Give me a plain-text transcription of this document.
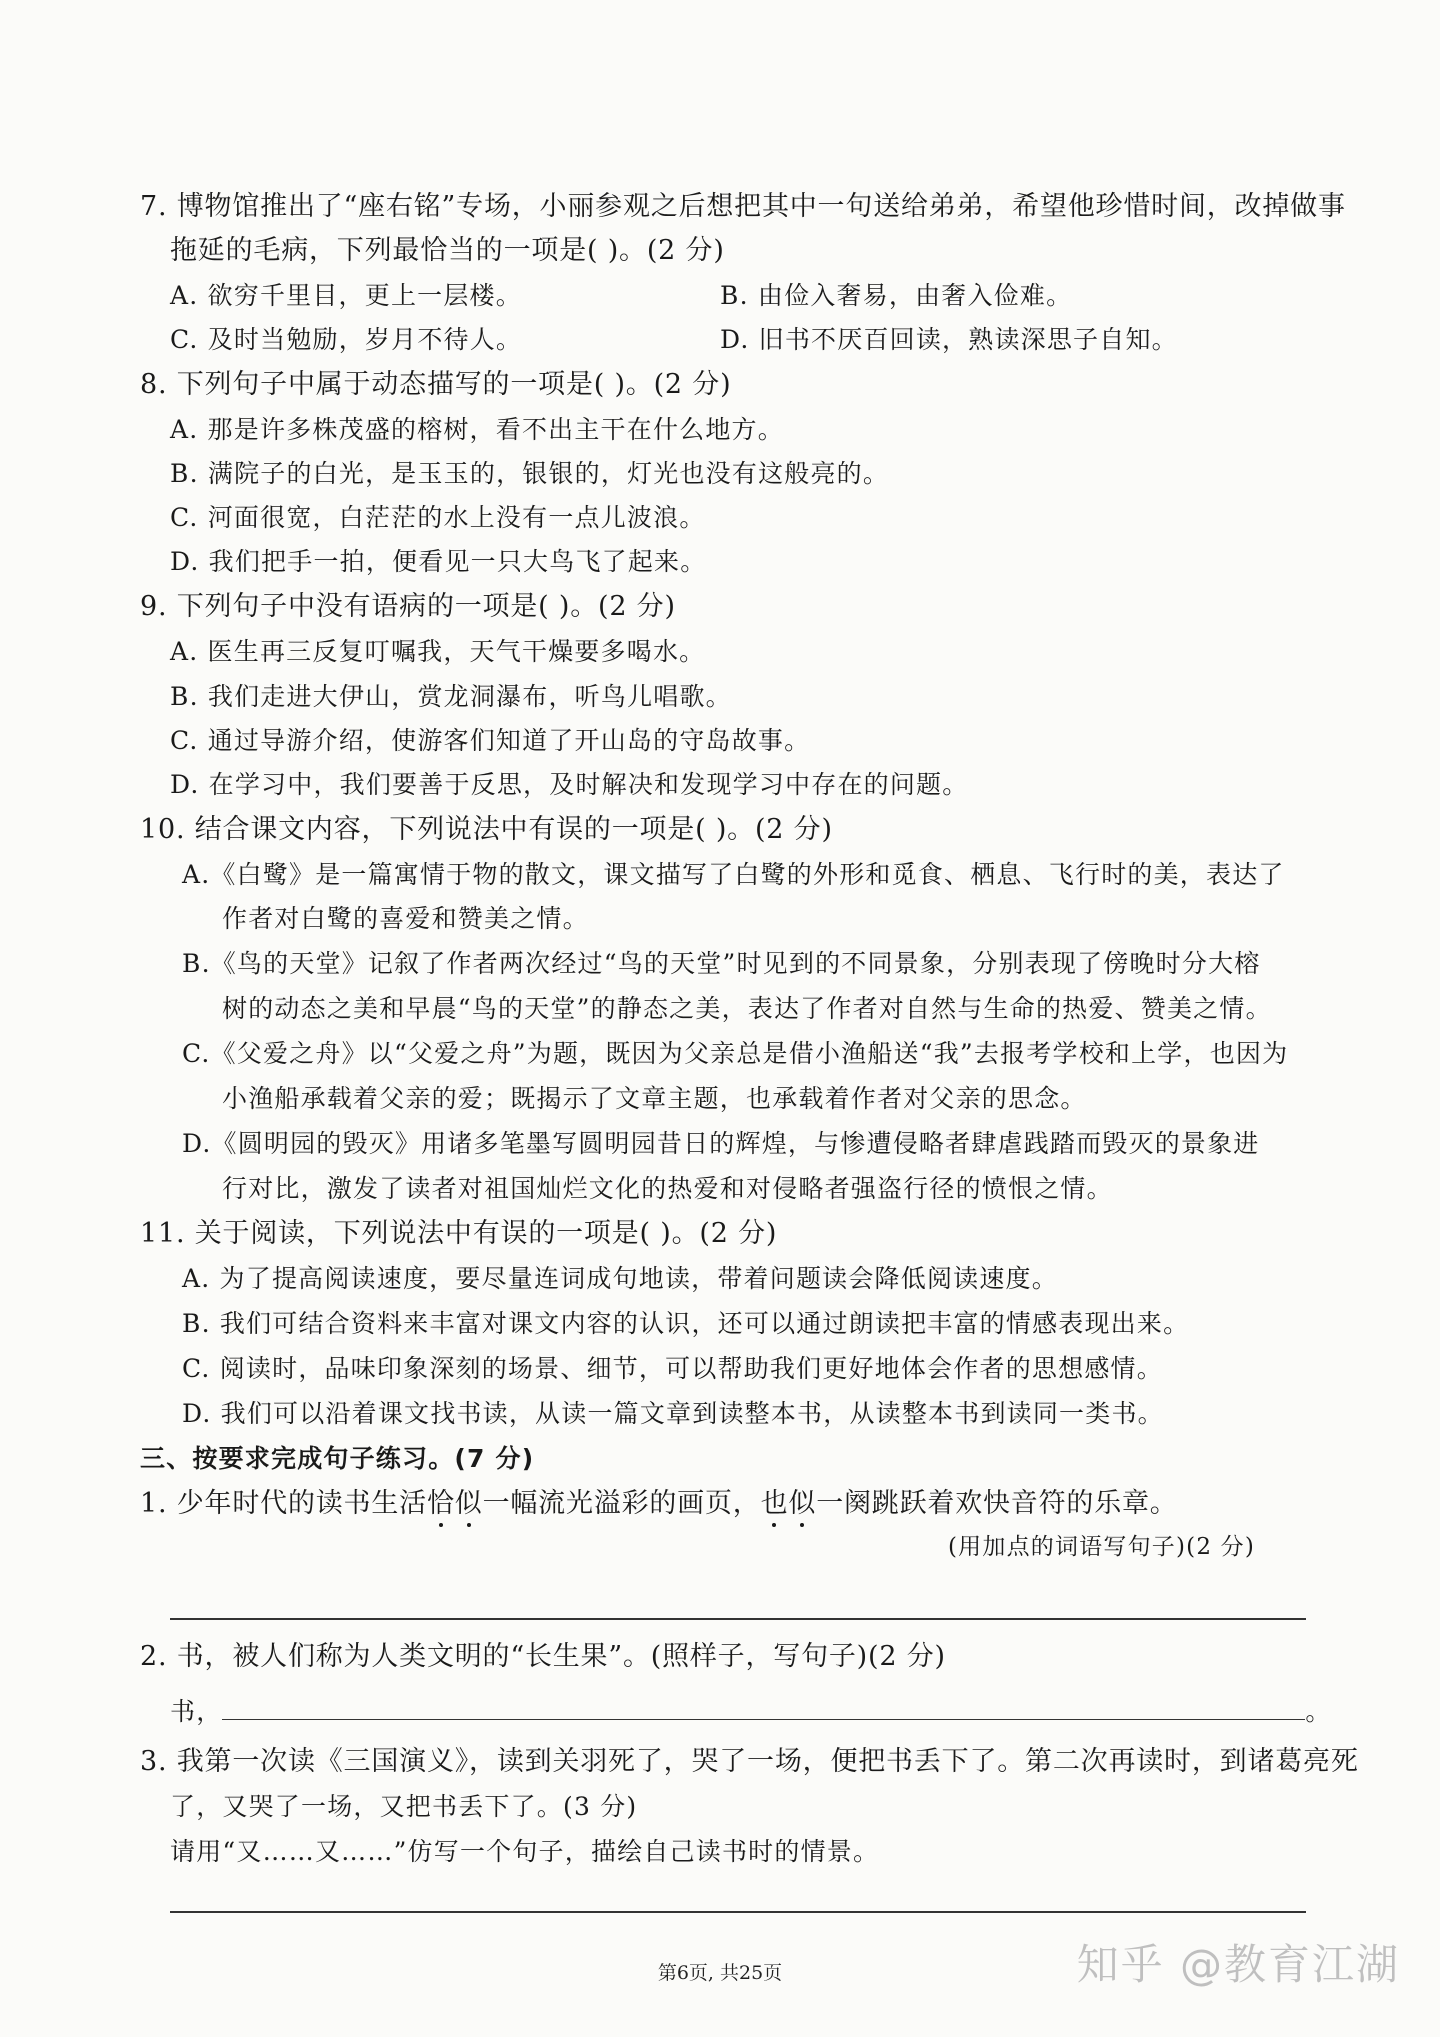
7. 博物馆推出了“座右铭”专场，小丽参观之后想把其中一句送给弟弟，希望他珍惜时间，改掉做事
拖延的毛病，下列最恰当的一项是( )。(2 分)
A. 欲穷千里目，更上一层楼。	B. 由俭入奢易，由奢入俭难。
C. 及时当勉励，岁月不待人。	D. 旧书不厌百回读，熟读深思子自知。
8. 下列句子中属于动态描写的一项是( )。(2 分)
A. 那是许多株茂盛的榕树，看不出主干在什么地方。
B. 满院子的白光，是玉玉的，银银的，灯光也没有这般亮的。
C. 河面很宽，白茫茫的水上没有一点儿波浪。
D. 我们把手一拍，便看见一只大鸟飞了起来。
9. 下列句子中没有语病的一项是( )。(2 分)
A. 医生再三反复叮嘱我，天气干燥要多喝水。
B. 我们走进大伊山，赏龙洞瀑布，听鸟儿唱歌。
C. 通过导游介绍，使游客们知道了开山岛的守岛故事。
D. 在学习中，我们要善于反思，及时解决和发现学习中存在的问题。
10. 结合课文内容，下列说法中有误的一项是( )。(2 分)
A.《白鹭》是一篇寓情于物的散文，课文描写了白鹭的外形和觅食、栖息、飞行时的美，表达了
作者对白鹭的喜爱和赞美之情。
B.《鸟的天堂》记叙了作者两次经过“鸟的天堂”时见到的不同景象，分别表现了傍晚时分大榕
树的动态之美和早晨“鸟的天堂”的静态之美，表达了作者对自然与生命的热爱、赞美之情。
C.《父爱之舟》以“父爱之舟”为题，既因为父亲总是借小渔船送“我”去报考学校和上学，也因为
小渔船承载着父亲的爱；既揭示了文章主题，也承载着作者对父亲的思念。
D.《圆明园的毁灭》用诸多笔墨写圆明园昔日的辉煌，与惨遭侵略者肆虐践踏而毁灭的景象进
行对比，激发了读者对祖国灿烂文化的热爱和对侵略者强盗行径的愤恨之情。
11. 关于阅读，下列说法中有误的一项是( )。(2 分)
A. 为了提高阅读速度，要尽量连词成句地读，带着问题读会降低阅读速度。
B. 我们可结合资料来丰富对课文内容的认识，还可以通过朗读把丰富的情感表现出来。
C. 阅读时，品味印象深刻的场景、细节，可以帮助我们更好地体会作者的思想感情。
D. 我们可以沿着课文找书读，从读一篇文章到读整本书，从读整本书到读同一类书。
三、按要求完成句子练习。(7 分)
1. 少年时代的读书生活恰似一幅流光溢彩的画页，也似一阕跳跃着欢快音符的乐章。
(用加点的词语写句子)(2 分)
2. 书，被人们称为人类文明的“长生果”。(照样子，写句子)(2 分)
书，	。
3. 我第一次读《三国演义》，读到关羽死了，哭了一场，便把书丢下了。第二次再读时，到诸葛亮死
了，又哭了一场，又把书丢下了。(3 分)
请用“又……又……”仿写一个句子，描绘自己读书时的情景。
第6页, 共25页	知乎 @教育江湖
